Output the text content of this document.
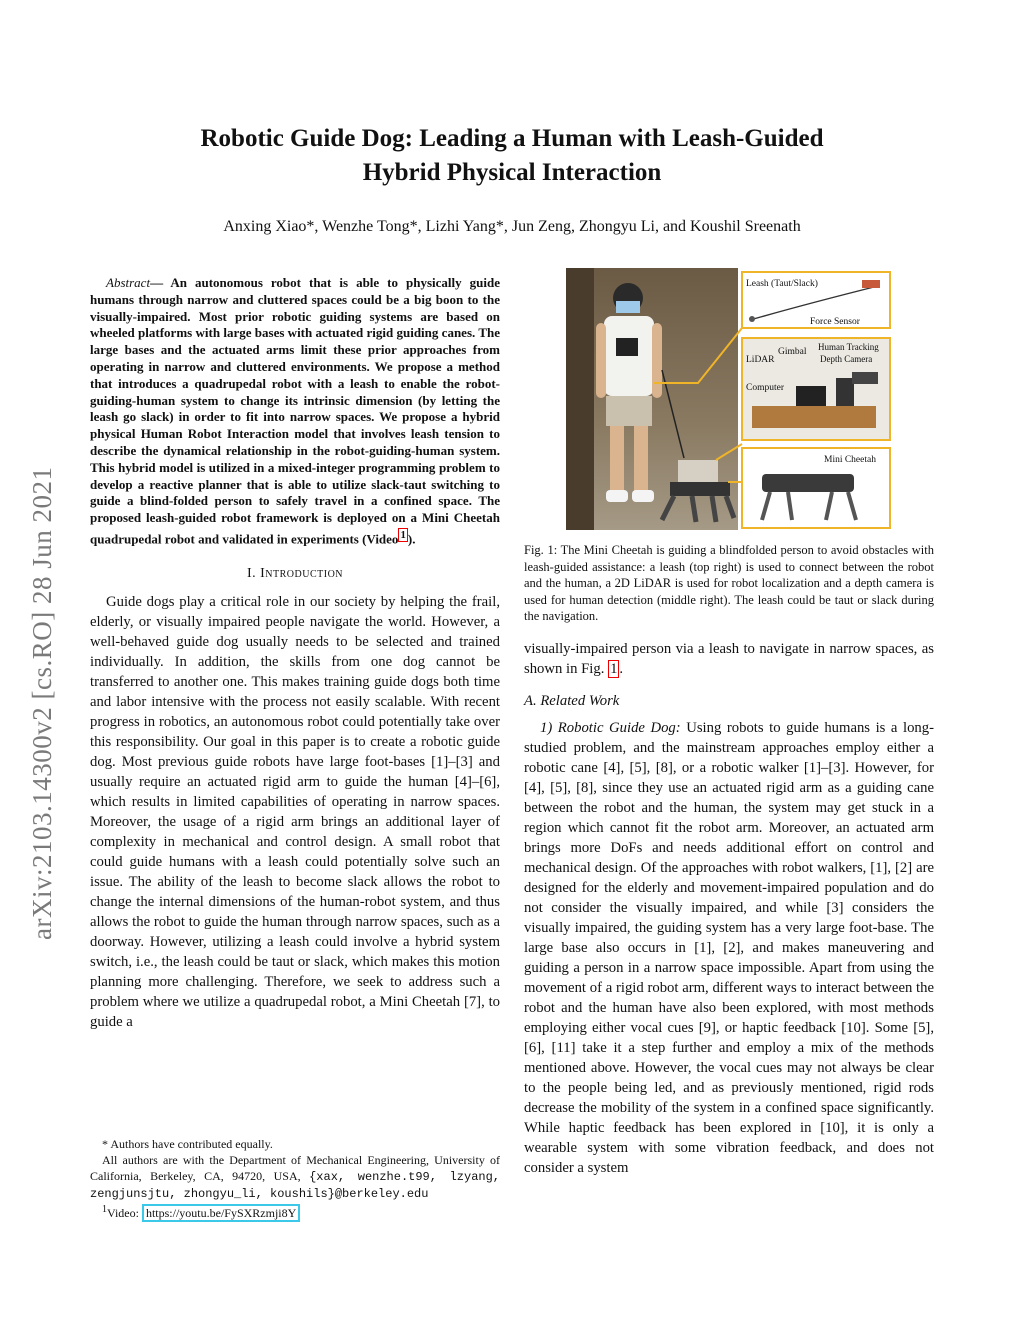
arXiv:2103.14300v2 [cs.RO] 28 Jun 2021
Robotic Guide Dog: Leading a Human with Leash-Guided
Hybrid Physical Interaction
Anxing Xiao*, Wenzhe Tong*, Lizhi Yang*, Jun Zeng, Zhongyu Li, and Koushil Sreenath

Abstract— An autonomous robot that is able to physically guide humans through narrow and cluttered spaces could be a big boon to the visually-impaired. Most prior robotic guiding systems are based on wheeled platforms with large bases with actuated rigid guiding canes. The large bases and the actuated arms limit these prior approaches from operating in narrow and cluttered environments. We propose a method that introduces a quadrupedal robot with a leash to enable the robot-guiding-human system to change its intrinsic dimension (by letting the leash go slack) in order to fit into narrow spaces. We propose a hybrid physical Human Robot Interaction model that involves leash tension to describe the dynamical relationship in the robot-guiding-human system. This hybrid model is utilized in a mixed-integer programming problem to develop a reactive planner that is able to utilize slack-taut switching to guide a blind-folded person to safely travel in a confined space. The proposed leash-guided robot framework is deployed on a Mini Cheetah quadrupedal robot and validated in experiments (Video $^1$ ).

I. Introduction

Guide dogs play a critical role in our society by helping the frail, elderly, or visually impaired people navigate the world. However, a well-behaved guide dog usually needs to be selected and trained individually. In addition, the skills from one dog cannot be transferred to another one. This makes training guide dogs both time and labor intensive with the process not easily scalable. With recent progress in robotics, an autonomous robot could potentially take over this responsibility. Our goal in this paper is to create a robotic guide dog. Most previous guide robots have large foot-bases [1]–[3] and usually require an actuated rigid arm to guide the human [4]–[6], which results in limited capabilities of operating in narrow spaces. Moreover, the usage of a rigid arm brings an additional layer of complexity in mechanical and control design. A small robot that could guide humans with a leash could potentially solve such an issue. The ability of the leash to become slack allows the robot to change the internal dimensions of the human-robot system, and thus allows the robot to guide the human through narrow spaces, such as a doorway. However, utilizing a leash could involve a hybrid system switch, i.e., the leash could be taut or slack, which makes this motion planning more challenging. Therefore, we seek to address such a problem where we utilize a quadrupedal robot, a Mini Cheetah [7], to guide a

* Authors have contributed equally.

All authors are with the Department of Mechanical Engineering, University of California, Berkeley, CA, 94720, USA, {xax, wenzhe.t99, lzyang, zengjunsjtu, zhongyu_li, koushils}@berkeley.edu

$^1$Video: https://youtu.be/FySXRzmji8Y

Leash (Taut/Slack)
Force Sensor
Gimbal
LiDAR
Human Tracking
Depth Camera
Computer
Mini Cheetah

Fig. 1: The Mini Cheetah is guiding a blindfolded person to avoid obstacles with leash-guided assistance: a leash (top right) is used to connect between the robot and the human, a 2D LiDAR is used for robot localization and a depth camera is used for human detection (middle right). The leash could be taut or slack during the navigation.

visually-impaired person via a leash to navigate in narrow spaces, as shown in Fig. 1 .

A. Related Work

1) Robotic Guide Dog: Using robots to guide humans is a long-studied problem, and the mainstream approaches employ either a robotic cane [4], [5], [8], or a robotic walker [1]–[3]. However, for [4], [5], [8], since they use an actuated rigid arm as a guiding cane between the robot and the human, the system may get stuck in a region which cannot fit the robot arm. Moreover, an actuated arm brings more DoFs and needs additional effort on control and mechanical design. Of the approaches with robot walkers, [1], [2] are designed for the elderly and movement-impaired population and do not consider the visually impaired, and while [3] considers the visually impaired, the guiding system has a very large foot-base. The large base also occurs in [1], [2], and makes maneuvering and guiding a person in a narrow space impossible. Apart from using the movement of a rigid robot arm, different ways to interact between the robot and the human have also been explored, with most methods employing either vocal cues [9], or haptic feedback [10]. Some [5], [6], [11] take it a step further and employ a mix of the methods mentioned above. However, the vocal cues may not always be clear to the people being led, and as previously mentioned, rigid rods decrease the mobility of the system in a confined space significantly. While haptic feedback has been explored in [10], it is only a wearable system with some vibration feedback, and does not consider a system
